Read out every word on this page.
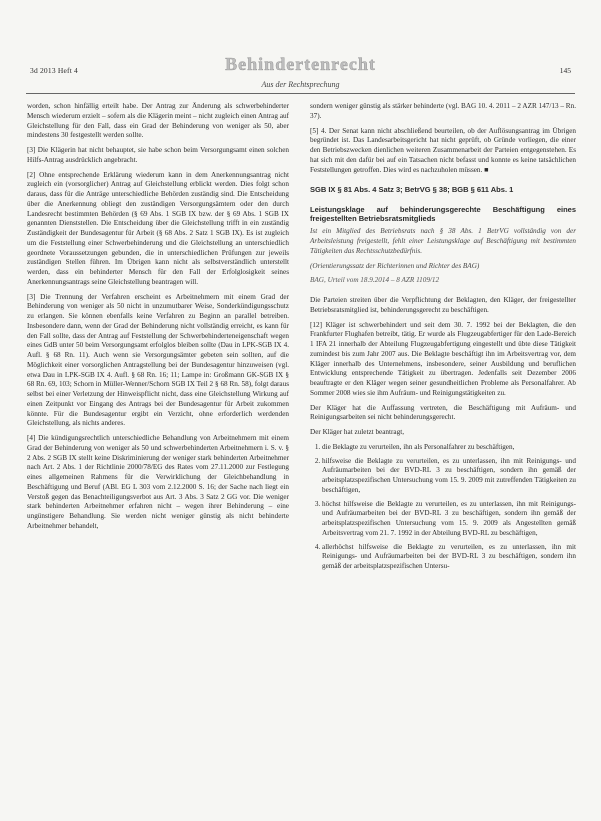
3d 2013 Heft 4	Behindertenrecht	145
Aus der Rechtsprechung

worden, schon hinfällig erteilt habe. Der Antrag zur Änderung als schwerbehinderter Mensch wiederum erzielt – sofern als die Klägerin meint – nicht zugleich einen Antrag auf Gleichstellung für den Fall, dass ein Grad der Behinderung von weniger als 50, aber mindestens 30 festgestellt werden sollte.

[3] Die Klägerin hat nicht behauptet, sie habe schon beim Versorgungsamt einen solchen Hilfs-Antrag ausdrücklich angebracht.

[2] Ohne entsprechende Erklärung wiederum kann in dem Anerkennungsantrag nicht zugleich ein (vorsorglicher) Antrag auf Gleichstellung erblickt werden. Dies folgt schon daraus, dass für die Anträge unterschiedliche Behörden zuständig sind. Die Entscheidung über die Anerkennung obliegt den zuständigen Versorgungsämtern oder den durch Landesrecht bestimmten Behörden (§ 69 Abs. 1 SGB IX bzw. der § 69 Abs. 1 SGB IX genannten Dienststellen. Die Entscheidung über die Gleichstellung trifft in ein zuständig Zuständigkeit der Bundesagentur für Arbeit (§ 68 Abs. 2 Satz 1 SGB IX). Es ist zugleich um die Feststellung einer Schwerbehinderung und die Gleichstellung an unterschiedlich geordnete Voraussetzungen gebunden, die in unterschiedlichen Prüfungen zur jeweils zuständigen Stellen führen. Im Übrigen kann nicht als selbstverständlich unterstellt werden, dass ein behinderter Mensch für den Fall der Erfolglosigkeit seines Anerkennungsantrags seine Gleichstellung beantragen will.

[3] Die Trennung der Verfahren erscheint es Arbeitnehmern mit einem Grad der Behinderung von weniger als 50 nicht in unzumutbarer Weise, Sonderkündigungsschutz zu erlangen. Sie können ebenfalls keine Verfahren zu Beginn an parallel betreiben. Insbesondere dann, wenn der Grad der Behinderung nicht vollständig erreicht, es kann für den Fall sollte, dass der Antrag auf Feststellung der Schwerbehinderteneigenschaft wegen eines GdB unter 50 beim Versorgungsamt erfolglos bleiben sollte (Dau in LPK-SGB IX 4. Aufl. § 68 Rn. 11). Auch wenn sie Versorgungsämter gebeten sein sollten, auf die Möglichkeit einer vorsorglichen Antragstellung bei der Bundesagentur hinzuweisen (vgl. etwa Dau in LPK-SGB IX 4. Aufl. § 68 Rn. 16; 11; Lampe in: Großmann GK-SGB IX § 68 Rn. 69, 103; Schorn in Müller-Wenner/Schorn SGB IX Teil 2 § 68 Rn. 58), folgt daraus selbst bei einer Verletzung der Hinweispflicht nicht, dass eine Gleichstellung Wirkung auf einen Zeitpunkt vor Eingang des Antrags bei der Bundesagentur für Arbeit zukommen könnte. Für die Bundesagentur ergibt ein Verzicht, ohne erforderlich werdenden Gleichstellung, als nichts anderes.

[4] Die kündigungsrechtlich unterschiedliche Behandlung von Arbeitnehmern mit einem Grad der Behinderung von weniger als 50 und schwerbehinderten Arbeitnehmern i. S. v. § 2 Abs. 2 SGB IX stellt keine Diskriminierung der weniger stark behinderten Arbeitnehmer nach Art. 2 Abs. 1 der Richtlinie 2000/78/EG des Rates vom 27.11.2000 zur Festlegung eines allgemeinen Rahmens für die Verwirklichung der Gleichbehandlung in Beschäftigung und Beruf (ABl. EG L 303 vom 2.12.2000 S. 16; der Sache nach liegt ein Verstoß gegen das Benachteiligungsverbot aus Art. 3 Abs. 3 Satz 2 GG vor. Die weniger stark behinderten Arbeitnehmer erfahren nicht – wegen ihrer Behinderung – eine ungünstigere Behandlung. Sie werden nicht weniger günstig als nicht behinderte Arbeitnehmer behandelt,

sondern weniger günstig als stärker behinderte (vgl. BAG 10. 4. 2011 – 2 AZR 147/13 – Rn. 37).

[5] 4. Der Senat kann nicht abschließend beurteilen, ob der Auflösungsantrag im Übrigen begründet ist. Das Landesarbeitsgericht hat nicht geprüft, ob Gründe vorliegen, die einer den Betriebszwecken dienlichen weiteren Zusammenarbeit der Parteien entgegenstehen. Es hat sich mit den dafür bei auf ein Tatsachen nicht befasst und konnte es keine tatsächlichen Feststellungen getroffen. Dies wird es nachzuholen müssen. ■

SGB IX § 81 Abs. 4 Satz 3; BetrVG § 38; BGB § 611 Abs. 1
Leistungsklage auf behinderungsgerechte Beschäftigung eines freigestellten Betriebsratsmitglieds

Ist ein Mitglied des Betriebsrats nach § 38 Abs. 1 BetrVG vollständig von der Arbeitsleistung freigestellt, fehlt einer Leistungsklage auf Beschäftigung mit bestimmten Tätigkeiten das Rechtsschutzbedürfnis.

(Orientierungssatz der Richterinnen und Richter des BAG)

BAG, Urteil vom 18.9.2014 – 8 AZR 1109/12

Die Parteien streiten über die Verpflichtung der Beklagten, den Kläger, der freigestellter Betriebsratsmitglied ist, behinderungsgerecht zu beschäftigen.

[12] Kläger ist schwerbehindert und seit dem 30. 7. 1992 bei der Beklagten, die den Frankfurter Flughafen betreibt, tätig. Er wurde als Flugzeugabfertiger für den Lade-Bereich 1 IFA 21 innerhalb der Abteilung Flugzeugabfertigung eingestellt und übte diese Tätigkeit zumindest bis zum Jahr 2007 aus. Die Beklagte beschäftigt ihn im Arbeitsvertrag vor, dem Kläger innerhalb des Unternehmens, insbesondere, seiner Ausbildung und beruflichen Entwicklung entsprechende Tätigkeit zu übertragen. Jedenfalls seit Dezember 2006 beauftragte er den Kläger wegen seiner gesundheitlichen Probleme als Personalfahrer. Ab Sommer 2008 wies sie ihm Aufräum- und Reinigungstätigkeiten zu.

Der Kläger hat die Auffassung vertreten, die Beschäftigung mit Aufräum- und Reinigungsarbeiten sei nicht behinderungsgerecht.

Der Kläger hat zuletzt beantragt,

1. die Beklagte zu verurteilen, ihn als Personalfahrer zu beschäftigen,
2. hilfsweise die Beklagte zu verurteilen, es zu unterlassen, ihn mit Reinigungs- und Aufräumarbeiten bei der BVD-RL 3 zu beschäftigen, sondern ihn gemäß der arbeitsplatzspezifischen Untersuchung vom 15. 9. 2009 mit zutreffenden Tätigkeiten zu beschäftigen,
3. höchst hilfsweise die Beklagte zu verurteilen, es zu unterlassen, ihn mit Reinigungs- und Aufräumarbeiten bei der BVD-RL 3 zu beschäftigen, sondern ihn gemäß der arbeitsplatzspezifischen Untersuchung vom 15. 9. 2009 als Angestellten gemäß Arbeitsvertrag vom 21. 7. 1992 in der Abteilung BVD-RL zu beschäftigen,
4. allerhöchst hilfsweise die Beklagte zu verurteilen, es zu unterlassen, ihn mit Reinigungs- und Aufräumarbeiten bei der BVD-RL 3 zu beschäftigen, sondern ihn gemäß der arbeitsplatzspezifischen Untersu-
